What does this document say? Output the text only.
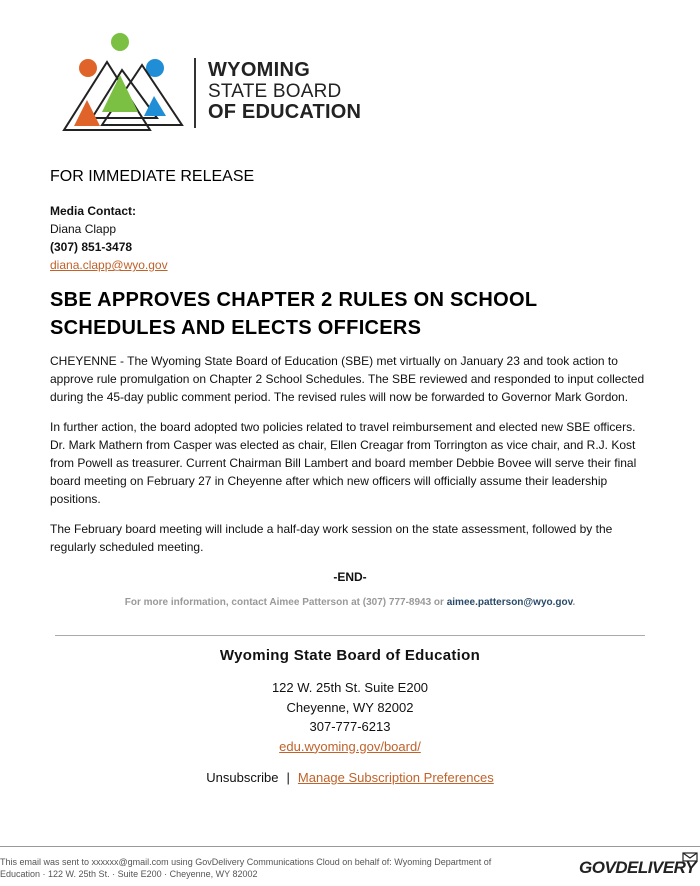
WYOMING
STATE BOARD
OF EDUCATION
FOR IMMEDIATE RELEASE
Media Contact:
Diana Clapp
(307) 851-3478
diana.clapp@wyo.gov
SBE APPROVES CHAPTER 2 RULES ON SCHOOL SCHEDULES AND ELECTS OFFICERS

CHEYENNE - The Wyoming State Board of Education (SBE) met virtually on January 23 and took action to approve rule promulgation on Chapter 2 School Schedules. The SBE reviewed and responded to input collected during the 45-day public comment period. The revised rules will now be forwarded to Governor Mark Gordon.

In further action, the board adopted two policies related to travel reimbursement and elected new SBE officers. Dr. Mark Mathern from Casper was elected as chair, Ellen Creagar from Torrington as vice chair, and R.J. Kost from Powell as treasurer. Current Chairman Bill Lambert and board member Debbie Bovee will serve their final board meeting on February 27 in Cheyenne after which new officers will officially assume their leadership positions.

The February board meeting will include a half-day work session on the state assessment, followed by the regularly scheduled meeting.

-END-
For more information, contact Aimee Patterson at (307) 777-8943 or aimee.patterson@wyo.gov.
Wyoming State Board of Education
122 W. 25th St. Suite E200
Cheyenne, WY 82002
307-777-6213
edu.wyoming.gov/board/
Unsubscribe | Manage Subscription Preferences
This email was sent to xxxxxx@gmail.com using GovDelivery Communications Cloud on behalf of: Wyoming Department of
Education · 122 W. 25th St. · Suite E200 · Cheyenne, WY 82002	GOVDELIVERY
